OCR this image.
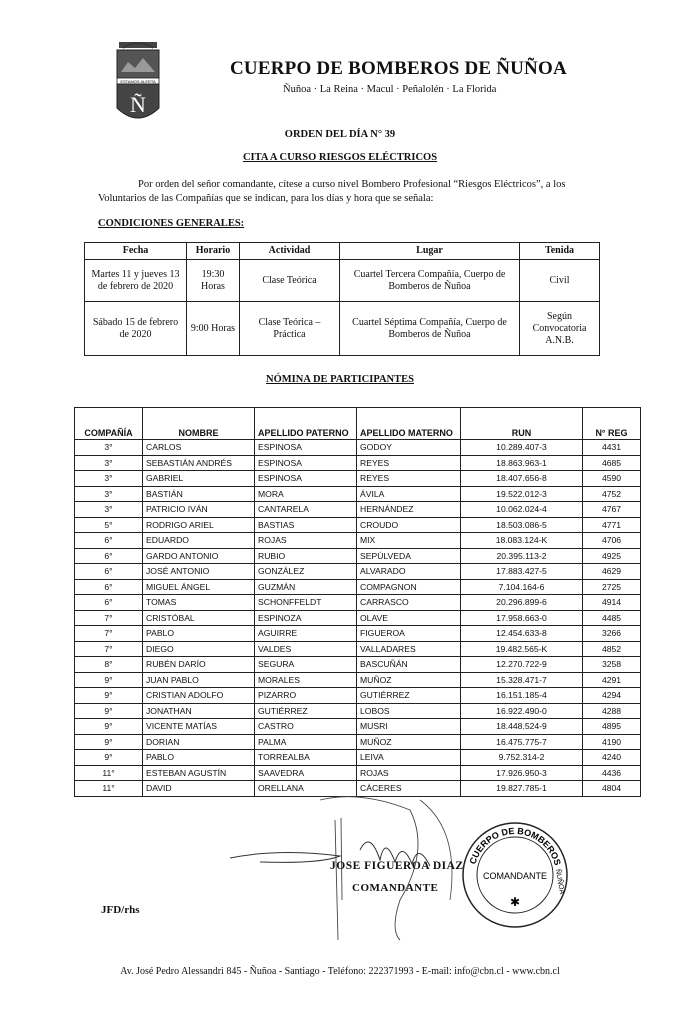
ESTAMOS ALERTA
Ñ
CUERPO DE BOMBEROS DE ÑUÑOA
Ñuñoa · La Reina · Macul · Peñalolén · La Florida
ORDEN DEL DÍA N° 39
CITA A CURSO RIESGOS ELÉCTRICOS
Por orden del señor comandante, cítese a curso nivel Bombero Profesional “Riesgos Eléctricos”, a los Voluntarios de las Compañías que se indican, para los días y hora que se señala:
CONDICIONES GENERALES:
Fecha	Horario	Actividad	Lugar	Tenida
Martes 11 y jueves 13 de febrero de 2020	19:30 Horas	Clase Teórica	Cuartel Tercera Compañía, Cuerpo de Bomberos de Ñuñoa	Civil
Sábado 15 de febrero de 2020	9:00 Horas	Clase Teórica – Práctica	Cuartel Séptima Compañía, Cuerpo de Bomberos de Ñuñoa	Según Convocatoria A.N.B.
NÓMINA DE PARTICIPANTES
COMPAÑÍA	NOMBRE	APELLIDO PATERNO	APELLIDO MATERNO	RUN	N° REG
3°	CARLOS	ESPINOSA	GODOY	10.289.407-3	4431
3°	SEBASTIÁN ANDRÉS	ESPINOSA	REYES	18.863.963-1	4685
3°	GABRIEL	ESPINOSA	REYES	18.407.656-8	4590
3°	BASTIÁN	MORA	ÁVILA	19.522.012-3	4752
3°	PATRICIO IVÁN	CANTARELA	HERNÁNDEZ	10.062.024-4	4767
5°	RODRIGO ARIEL	BASTIAS	CROUDO	18.503.086-5	4771
6°	EDUARDO	ROJAS	MIX	18.083.124-K	4706
6°	GARDO ANTONIO	RUBIO	SEPÚLVEDA	20.395.113-2	4925
6°	JOSÉ ANTONIO	GONZÁLEZ	ALVARADO	17.883.427-5	4629
6°	MIGUEL ÁNGEL	GUZMÁN	COMPAGNON	7.104.164-6	2725
6°	TOMAS	SCHONFFELDT	CARRASCO	20.296.899-6	4914
7°	CRISTÓBAL	ESPINOZA	OLAVE	17.958.663-0	4485
7°	PABLO	AGUIRRE	FIGUEROA	12.454.633-8	3266
7°	DIEGO	VALDES	VALLADARES	19.482.565-K	4852
8°	RUBÉN DARÍO	SEGURA	BASCUÑÁN	12.270.722-9	3258
9°	JUAN PABLO	MORALES	MUÑOZ	15.328.471-7	4291
9°	CRISTIAN ADOLFO	PIZARRO	GUTIÉRREZ	16.151.185-4	4294
9°	JONATHAN	GUTIÉRREZ	LOBOS	16.922.490-0	4288
9°	VICENTE MATÍAS	CASTRO	MUSRI	18.448.524-9	4895
9°	DORIAN	PALMA	MUÑOZ	16.475.775-7	4190
9°	PABLO	TORREALBA	LEIVA	9.752.314-2	4240
11°	ESTEBAN AGUSTÍN	SAAVEDRA	ROJAS	17.926.950-3	4436
11°	DAVID	ORELLANA	CÁCERES	19.827.785-1	4804
JOSE FIGUEROA DIAZ
COMANDANTE
CUERPO DE BOMBEROS
COMANDANTE ÑUÑOA
✱
JFD/rhs
Av. José Pedro Alessandri 845 - Ñuñoa - Santiago - Teléfono: 222371993 - E-mail: info@cbn.cl - www.cbn.cl
